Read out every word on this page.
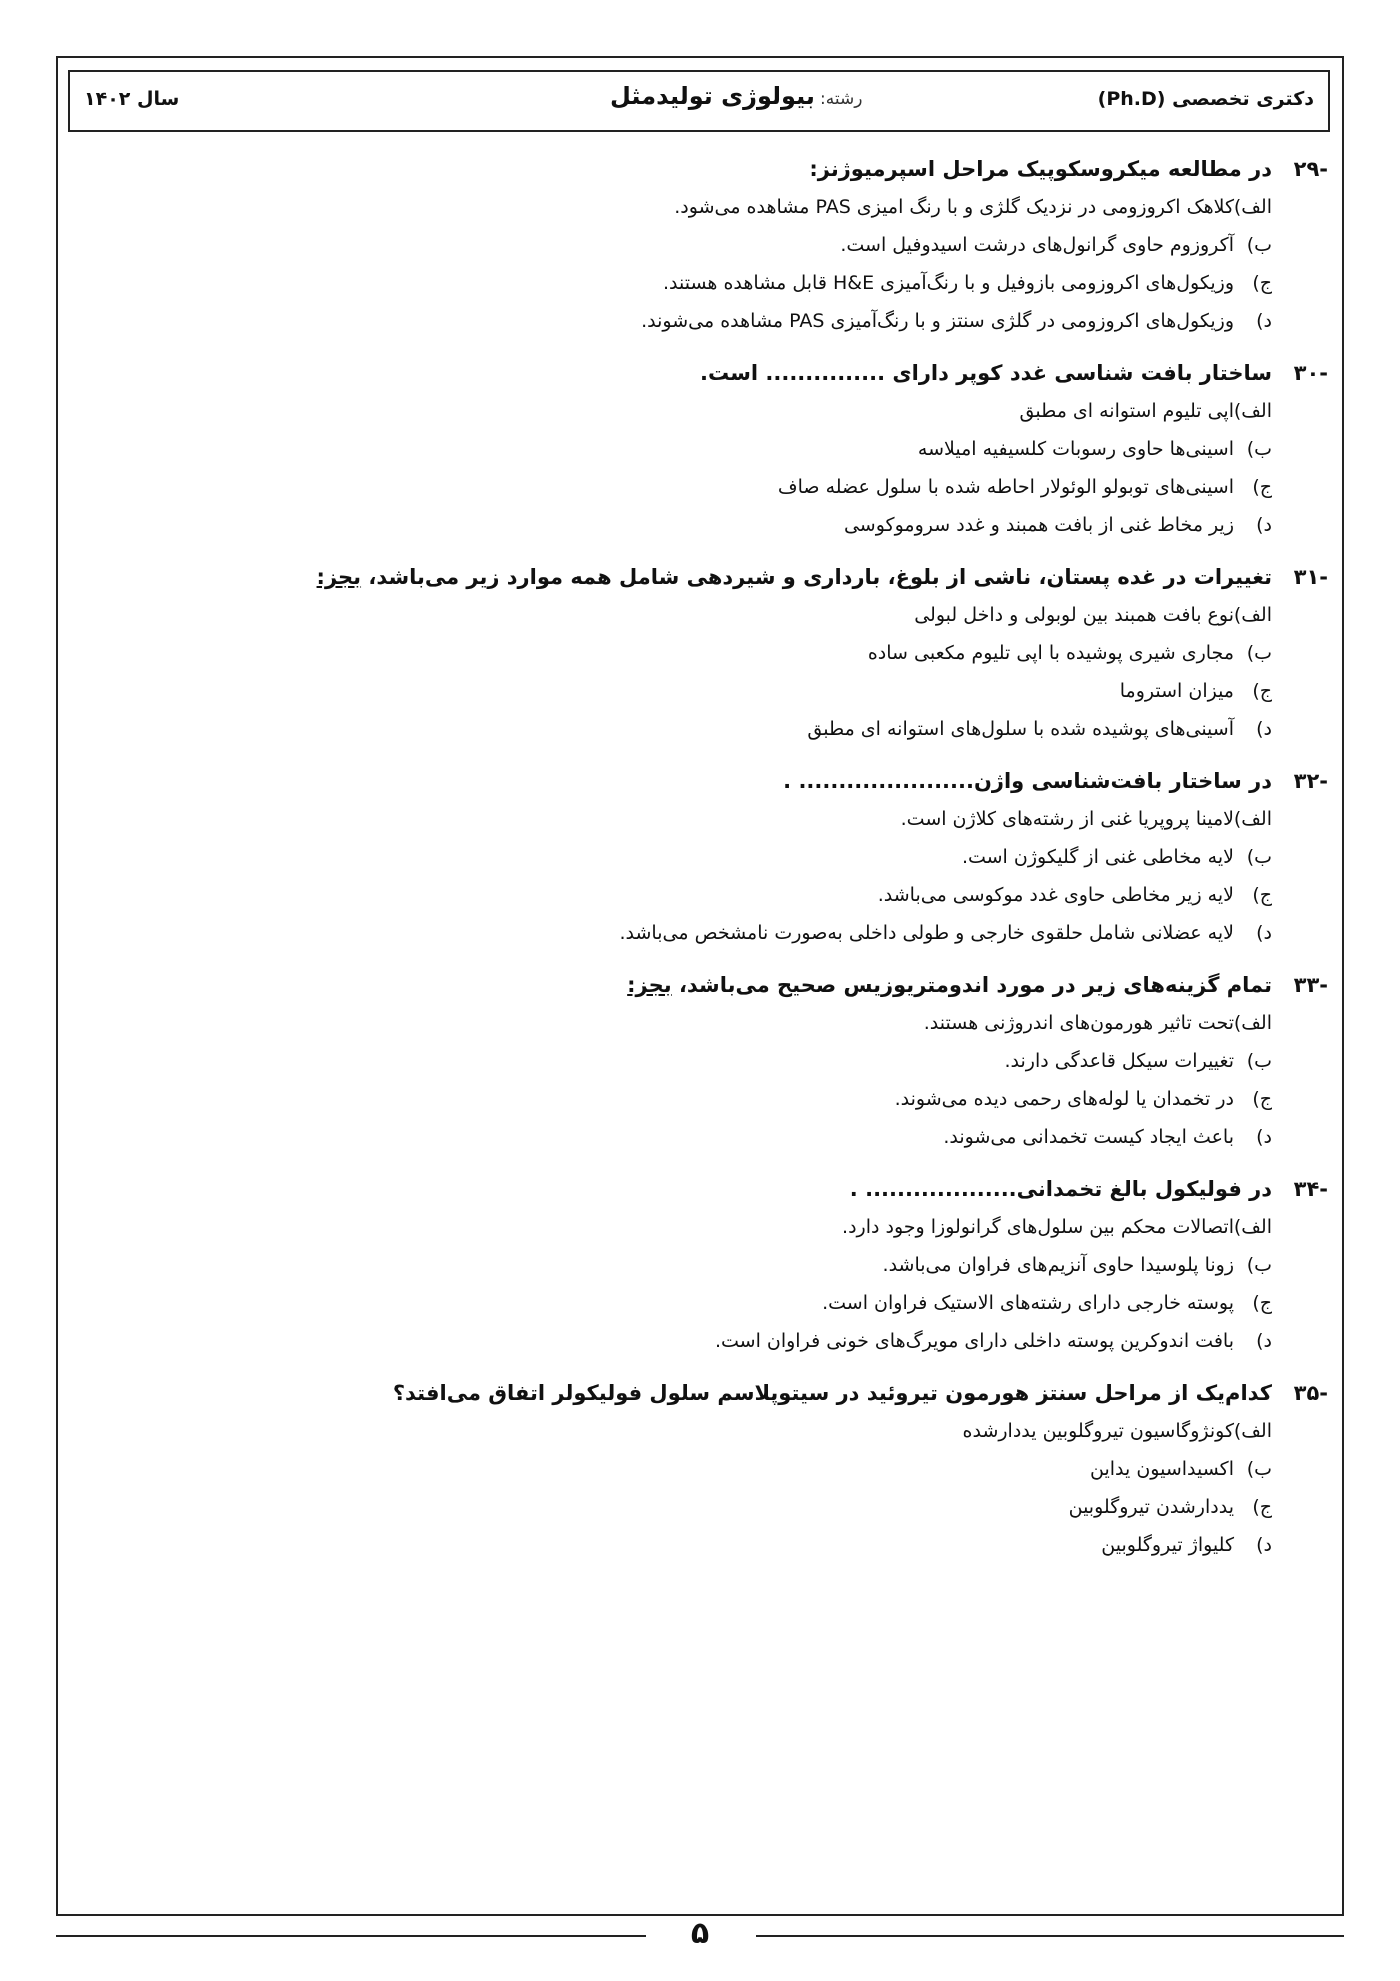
سال ۱۴۰۲	رشته: بیولوژی تولیدمثل	دکتری تخصصی (Ph.D)
-۲۹
در مطالعه میکروسکوپیک مراحل اسپرمیوژنز:
الف)
کلاهک اکروزومی در نزدیک گلژی و با رنگ امیزی PAS مشاهده می‌شود.
ب)
آکروزوم حاوی گرانول‌های درشت اسیدوفیل است.
ج)
وزیکول‌های اکروزومی بازوفیل و با رنگ‌آمیزی H&E قابل مشاهده هستند.
د)
وزیکول‌های اکروزومی در گلژی سنتز و با رنگ‌آمیزی PAS مشاهده می‌شوند.
-۳۰
ساختار بافت شناسی غدد کوپر دارای ............... است.
الف)
اپی تلیوم استوانه ای مطبق
ب)
اسینی‌ها حاوی رسوبات کلسیفیه امیلاسه
ج)
اسینی‌های توبولو الوئولار احاطه شده با سلول عضله صاف
د)
زیر مخاط غنی از بافت همبند و غدد سروموکوسی
-۳۱
تغییرات در غده پستان، ناشی از بلوغ، بارداری و شیردهی شامل همه موارد زیر می‌باشد، بجز:
الف)
نوع بافت همبند بین لوبولی و داخل لبولی
ب)
مجاری شیری پوشیده با اپی تلیوم مکعبی ساده
ج)
میزان استروما
د)
آسینی‌های پوشیده شده با سلول‌های استوانه ای مطبق
-۳۲
در ساختار بافت‌شناسی واژن...................... .
الف)
لامینا پروپریا غنی از رشته‌های کلاژن است.
ب)
لایه مخاطی غنی از گلیکوژن است.
ج)
لایه زیر مخاطی حاوی غدد موکوسی می‌باشد.
د)
لایه عضلانی شامل حلقوی خارجی و طولی داخلی به‌صورت نامشخص می‌باشد.
-۳۳
تمام گزینه‌های زیر در مورد اندومتریوزیس صحیح می‌باشد، بجز:
الف)
تحت تاثیر هورمون‌های اندروژنی هستند.
ب)
تغییرات سیکل قاعدگی دارند.
ج)
در تخمدان یا لوله‌های رحمی دیده می‌شوند.
د)
باعث ایجاد کیست تخمدانی می‌شوند.
-۳۴
در فولیکول بالغ تخمدانی................... .
الف)
اتصالات محکم بین سلول‌های گرانولوزا وجود دارد.
ب)
زونا پلوسیدا حاوی آنزیم‌های فراوان می‌باشد.
ج)
پوسته خارجی دارای رشته‌های الاستیک فراوان است.
د)
بافت اندوکرین پوسته داخلی دارای مویرگ‌های خونی فراوان است.
-۳۵
کدام‌یک از مراحل سنتز هورمون تیروئید در سیتوپلاسم سلول فولیکولر اتفاق می‌افتد؟
الف)
کونژوگاسیون تیروگلوبین یددارشده
ب)
اکسیداسیون یداین
ج)
یددارشدن تیروگلوبین
د)
کلیواژ تیروگلوبین
۵
